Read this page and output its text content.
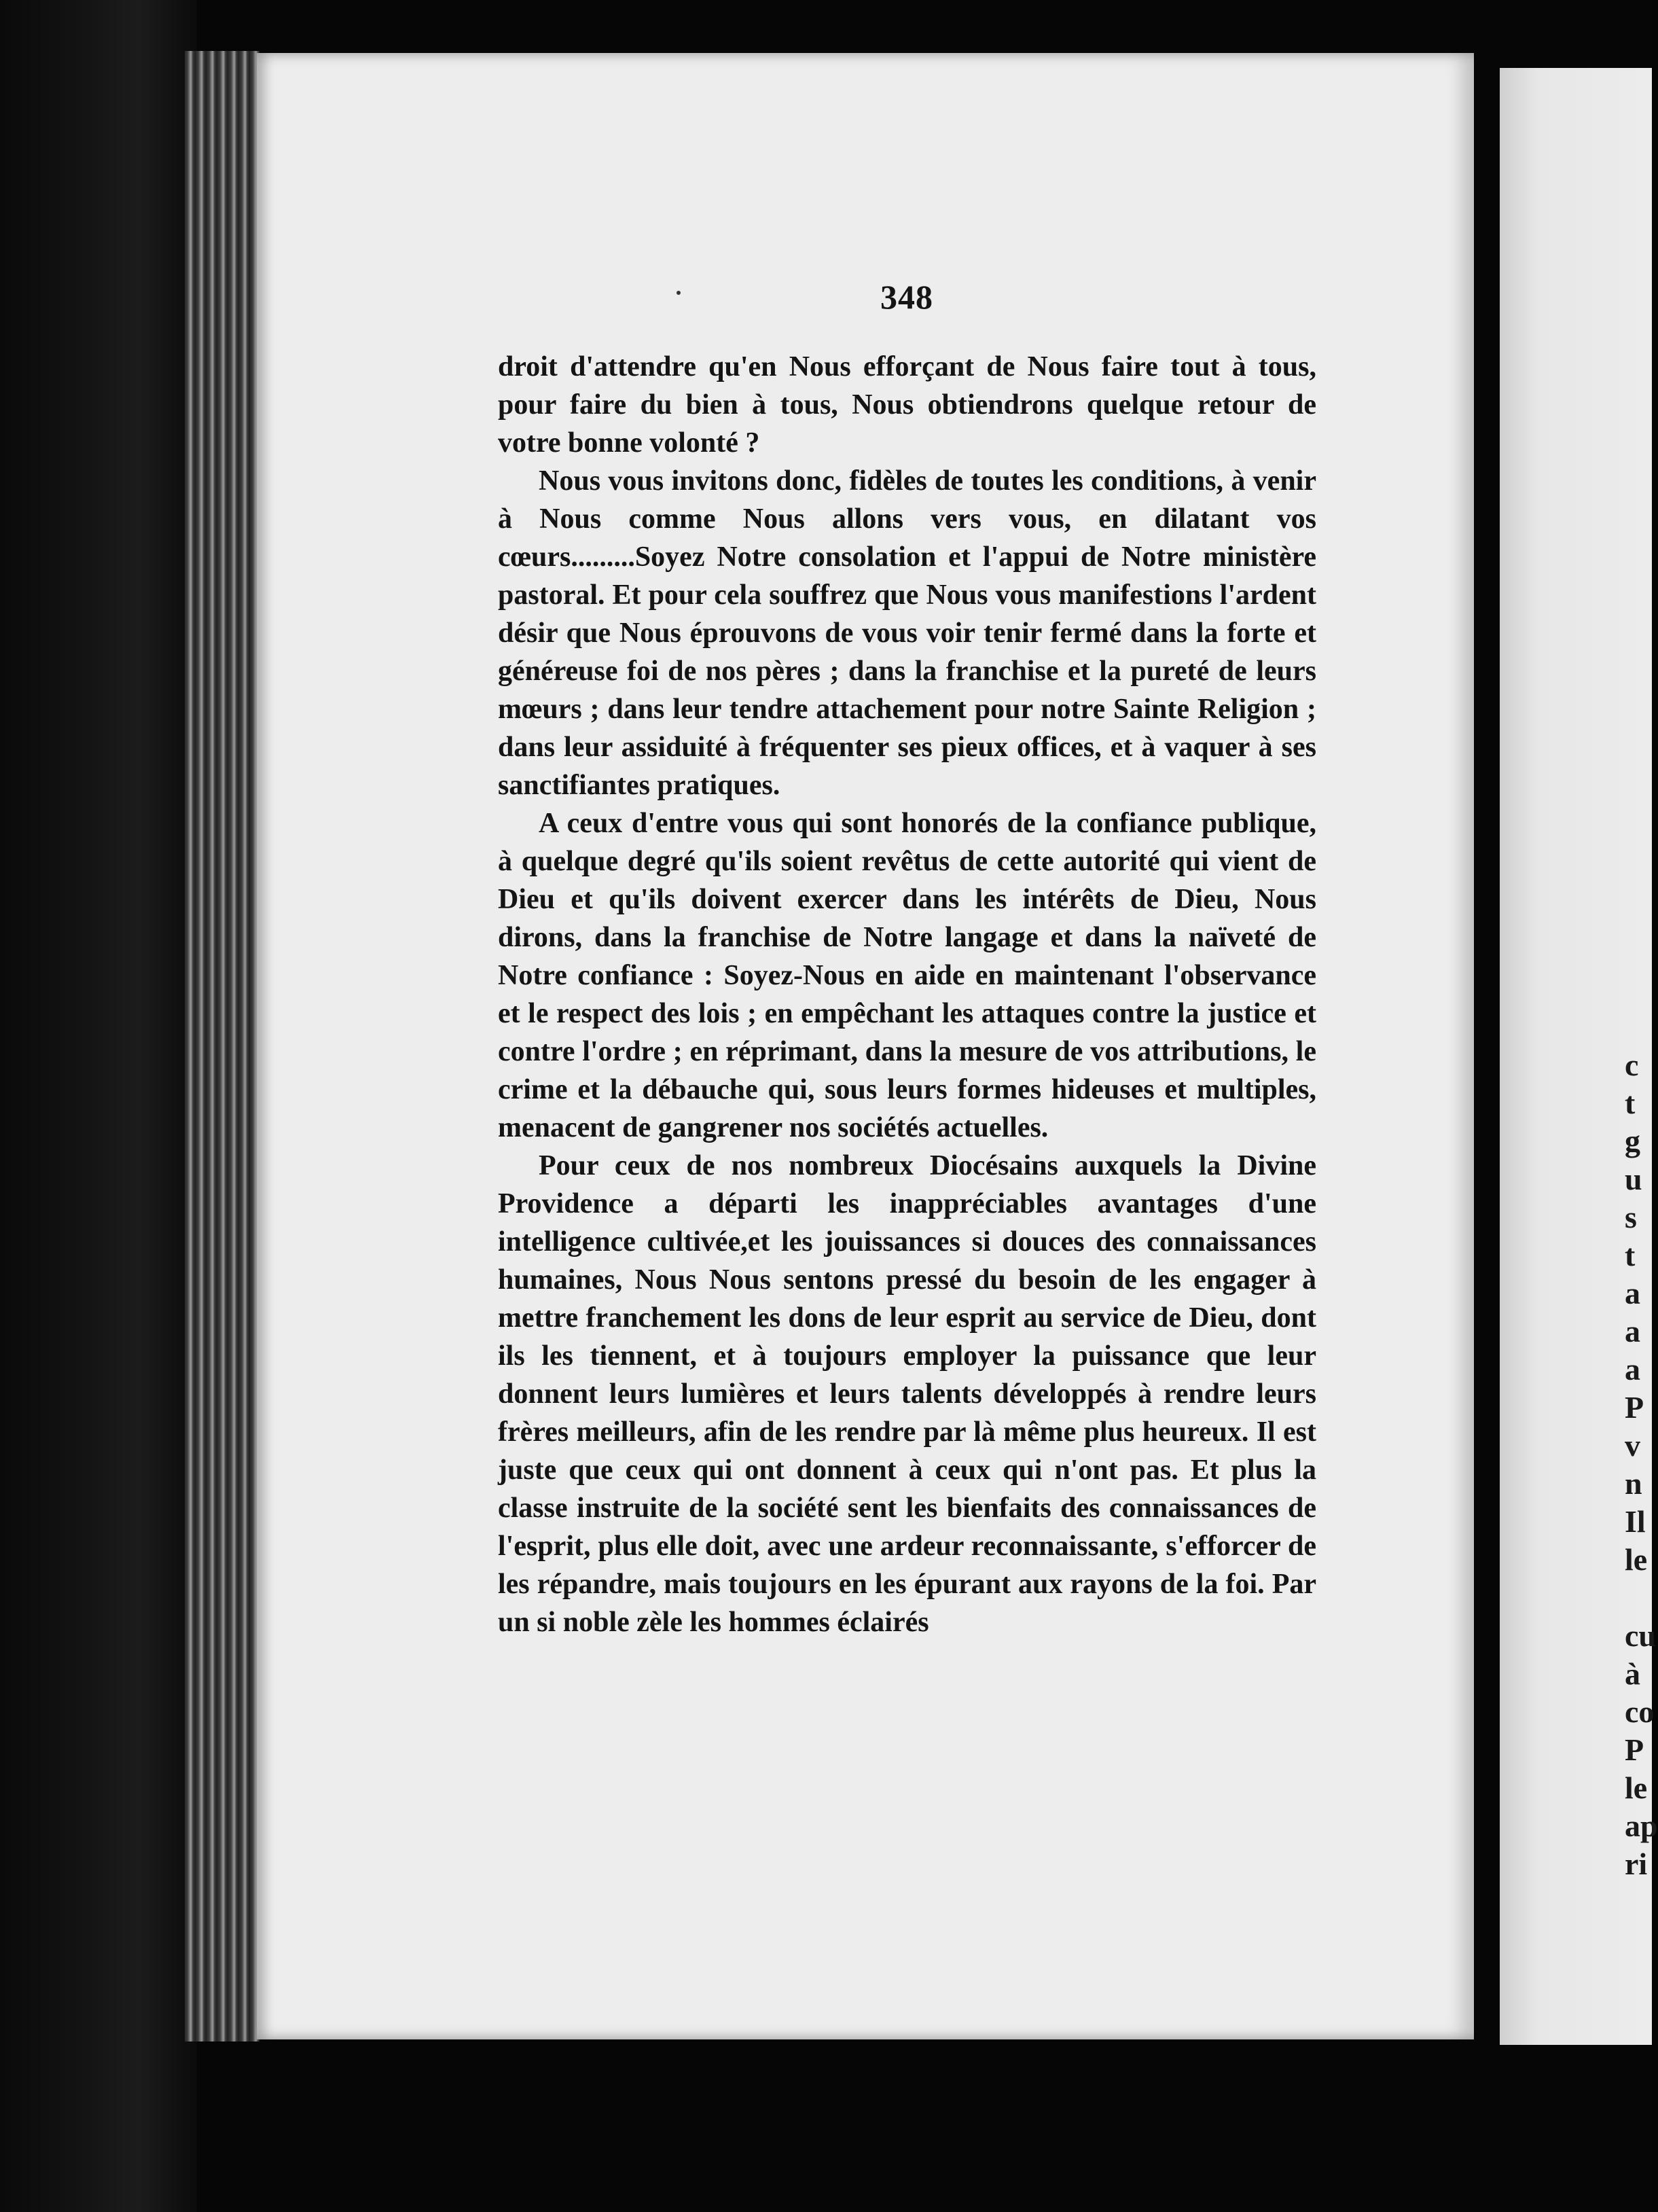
348

droit d'attendre qu'en Nous efforçant de Nous faire tout à tous, pour faire du bien à tous, Nous obtiendrons quelque retour de votre bonne volonté ?

Nous vous invitons donc, fidèles de toutes les conditions, à venir à Nous comme Nous allons vers vous, en dilatant vos cœurs.........Soyez Notre consolation et l'appui de Notre ministère pastoral. Et pour cela souffrez que Nous vous manifestions l'ardent désir que Nous éprouvons de vous voir tenir fermé dans la forte et généreuse foi de nos pères ; dans la franchise et la pureté de leurs mœurs ; dans leur tendre attachement pour notre Sainte Religion ; dans leur assiduité à fréquenter ses pieux offices, et à vaquer à ses sanctifiantes pratiques.

A ceux d'entre vous qui sont honorés de la confiance publique, à quelque degré qu'ils soient revêtus de cette autorité qui vient de Dieu et qu'ils doivent exercer dans les intérêts de Dieu, Nous dirons, dans la franchise de Notre langage et dans la naïveté de Notre confiance : Soyez-Nous en aide en maintenant l'observance et le respect des lois ; en empêchant les attaques contre la justice et contre l'ordre ; en réprimant, dans la mesure de vos attributions, le crime et la débauche qui, sous leurs formes hideuses et multiples, menacent de gangrener nos sociétés actuelles.

Pour ceux de nos nombreux Diocésains auxquels la Divine Providence a départi les inappréciables avantages d'une intelligence cultivée,et les jouissances si douces des connaissances humaines, Nous Nous sentons pressé du besoin de les engager à mettre franchement les dons de leur esprit au service de Dieu, dont ils les tiennent, et à toujours employer la puissance que leur donnent leurs lumières et leurs talents développés à rendre leurs frères meilleurs, afin de les rendre par là même plus heureux. Il est juste que ceux qui ont donnent à ceux qui n'ont pas. Et plus la classe instruite de la société sent les bienfaits des connaissances de l'esprit, plus elle doit, avec une ardeur reconnaissante, s'efforcer de les répandre, mais toujours en les épurant aux rayons de la foi. Par un si noble zèle les hommes éclairés

c
t
g
u
s
t
a
a
a
P
v
n
Il
le
cu
à
co
P
le
ap
ri
